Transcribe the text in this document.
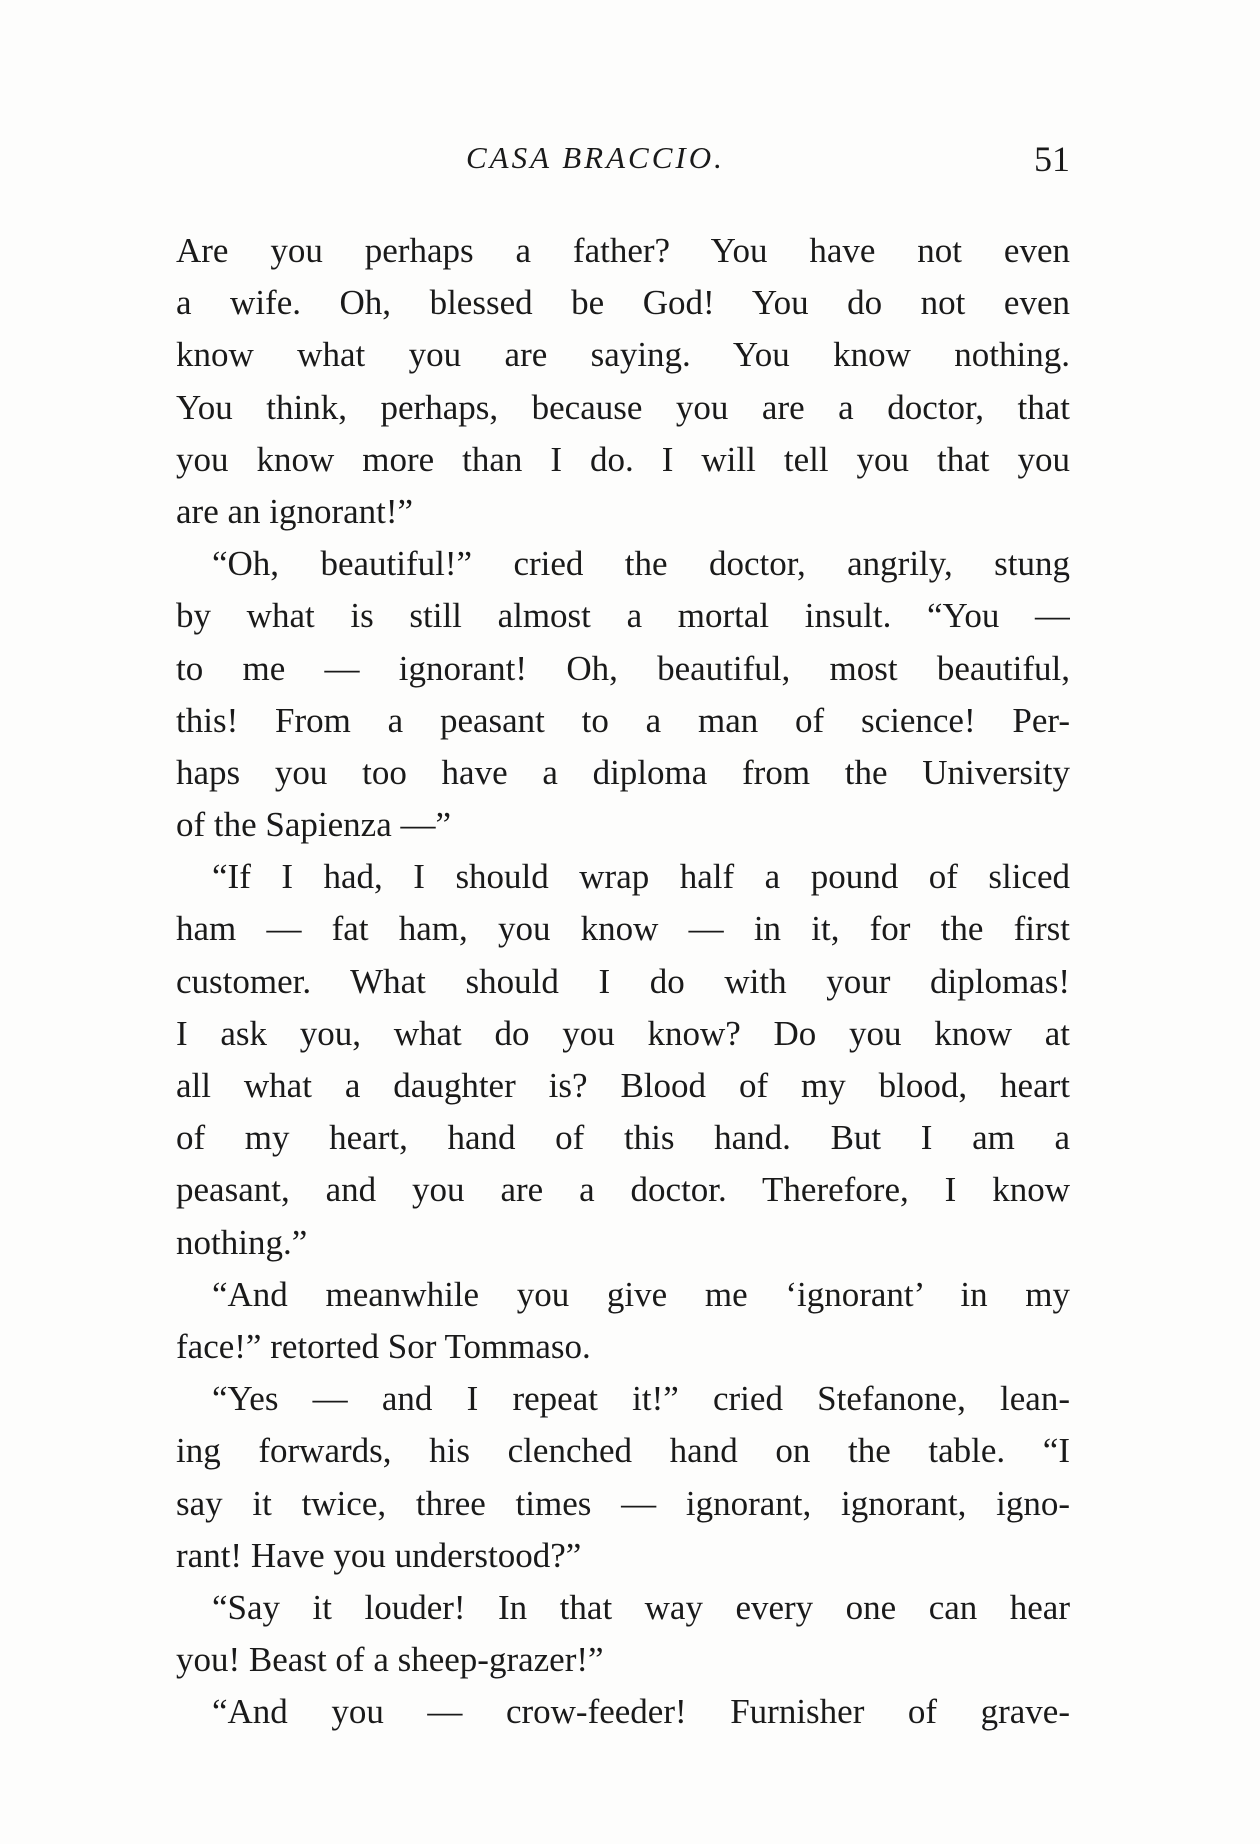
CASA BRACCIO.	51
Are you perhaps a father? You have not even
a wife. Oh, blessed be God! You do not even
know what you are saying. You know nothing.
You think, perhaps, because you are a doctor, that
you know more than I do. I will tell you that you
are an ignorant!”
“Oh, beautiful!” cried the doctor, angrily, stung
by what is still almost a mortal insult. “You —
to me — ignorant! Oh, beautiful, most beautiful,
this! From a peasant to a man of science! Per-
haps you too have a diploma from the University
of the Sapienza —”
“If I had, I should wrap half a pound of sliced
ham — fat ham, you know — in it, for the first
customer. What should I do with your diplomas!
I ask you, what do you know? Do you know at
all what a daughter is? Blood of my blood, heart
of my heart, hand of this hand. But I am a
peasant, and you are a doctor. Therefore, I know
nothing.”
“And meanwhile you give me ‘ignorant’ in my
face!” retorted Sor Tommaso.
“Yes — and I repeat it!” cried Stefanone, lean-
ing forwards, his clenched hand on the table. “I
say it twice, three times — ignorant, ignorant, igno-
rant! Have you understood?”
“Say it louder! In that way every one can hear
you! Beast of a sheep-grazer!”
“And you — crow-feeder! Furnisher of grave-
